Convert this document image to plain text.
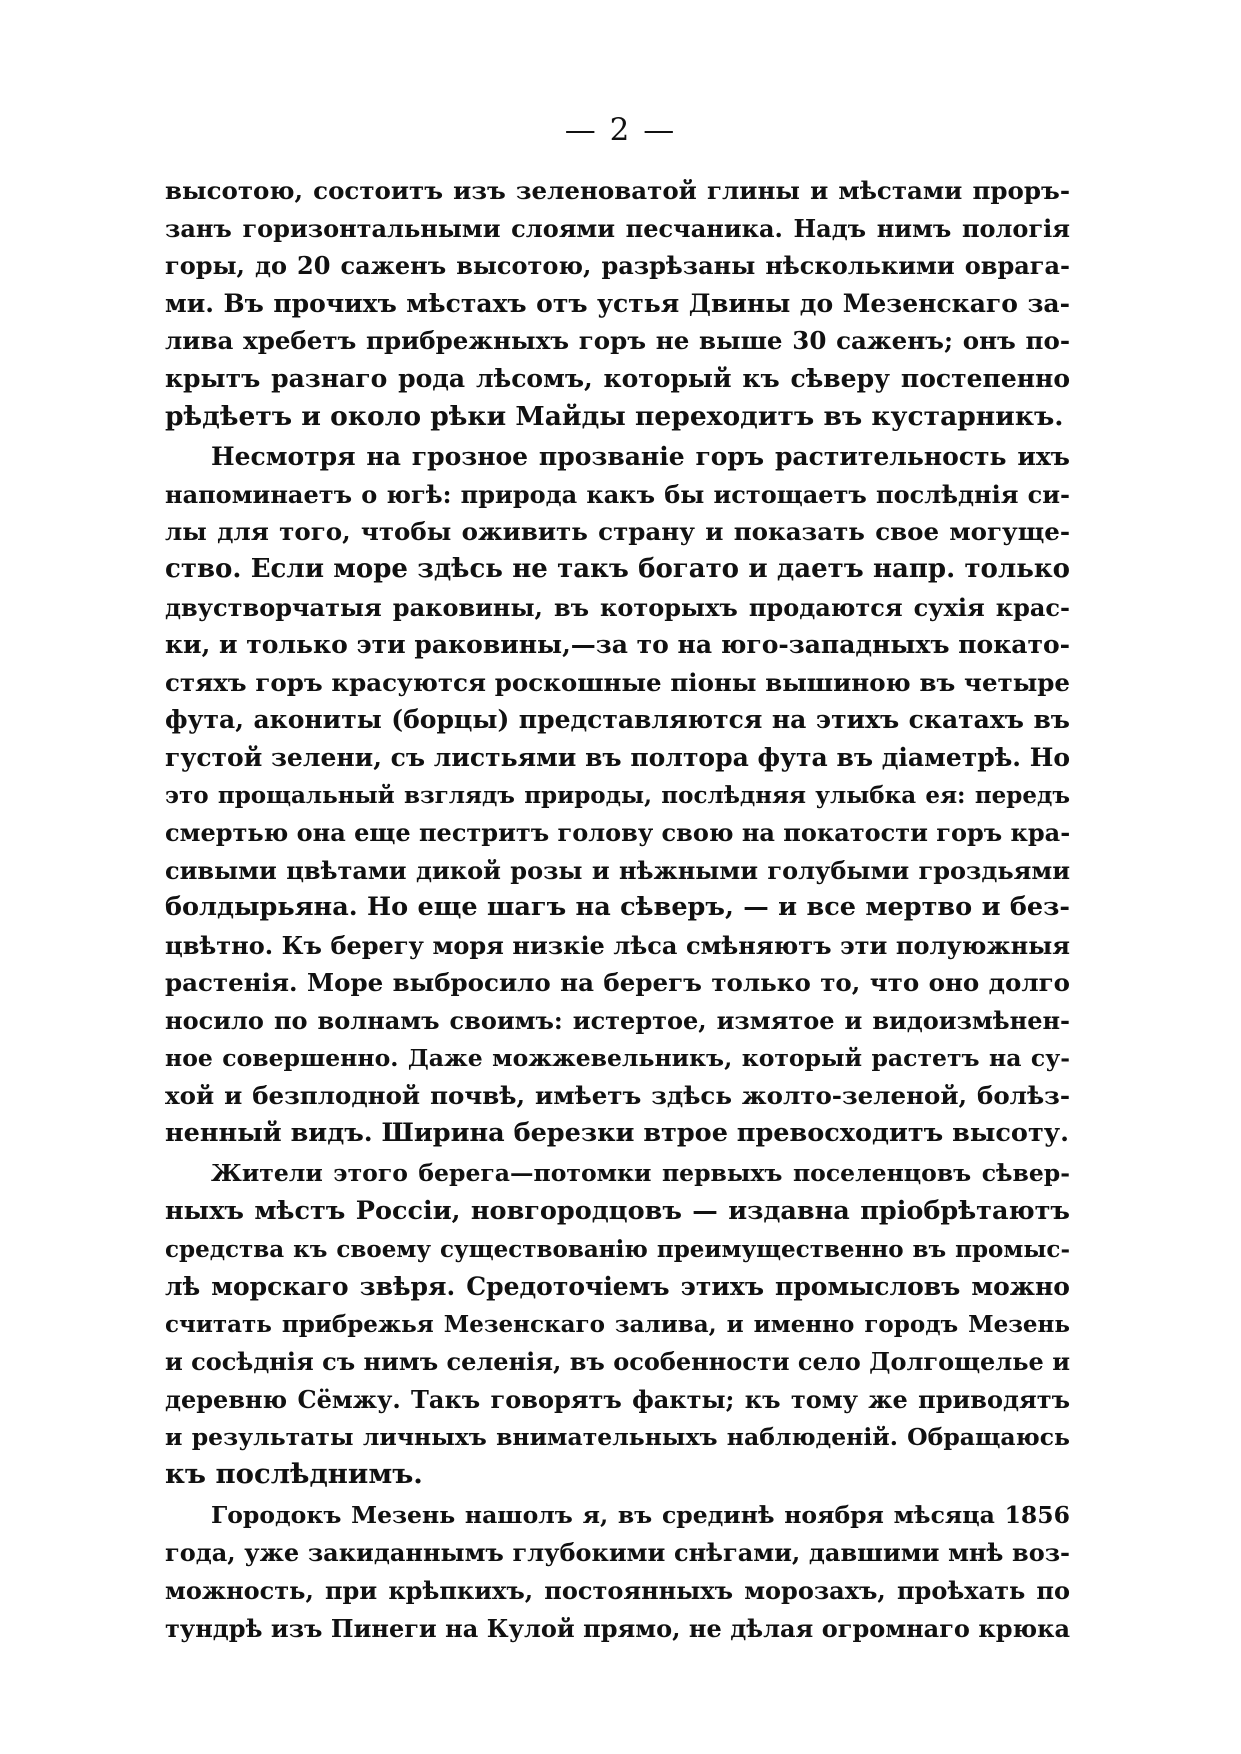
— 2 —
высотою, состоитъ изъ зеленоватой глины и мѣстами проръ-
занъ горизонтальными слоями песчаника. Надъ нимъ пологія
горы, до 20 саженъ высотою, разрѣзаны нѣсколькими оврага-
ми. Въ прочихъ мѣстахъ отъ устья Двины до Мезенскаго за-
лива хребетъ прибрежныхъ горъ не выше 30 саженъ; онъ по-
крытъ разнаго рода лѣсомъ, который къ сѣверу постепенно
рѣдѣетъ и около рѣки Майды переходитъ въ кустарникъ.
Несмотря на грозное прозваніе горъ растительность ихъ
напоминаетъ о югѣ: природа какъ бы истощаетъ послѣднія си-
лы для того, чтобы оживить страну и показать свое могуще-
ство. Если море здѣсь не такъ богато и даетъ напр. только
двустворчатыя раковины, въ которыхъ продаются сухія крас-
ки, и только эти раковины,—за то на юго-западныхъ покато-
стяхъ горъ красуются роскошные піоны вышиною въ четыре
фута, акониты (борцы) представляются на этихъ скатахъ въ
густой зелени, съ листьями въ полтора фута въ діаметрѣ. Но
это прощальный взглядъ природы, послѣдняя улыбка ея: передъ
смертью она еще пестритъ голову свою на покатости горъ кра-
сивыми цвѣтами дикой розы и нѣжными голубыми гроздьями
болдырьяна. Но еще шагъ на сѣверъ, — и все мертво и без-
цвѣтно. Къ берегу моря низкіе лѣса смѣняютъ эти полуюжныя
растенія. Море выбросило на берегъ только то, что оно долго
носило по волнамъ своимъ: истертое, измятое и видоизмѣнен-
ное совершенно. Даже можжевельникъ, который растетъ на су-
хой и безплодной почвѣ, имѣетъ здѣсь жолто-зеленой, болѣз-
ненный видъ. Ширина березки втрое превосходитъ высоту.
Жители этого берега—потомки первыхъ поселенцовъ сѣвер-
ныхъ мѣстъ Россіи, новгородцовъ — издавна пріобрѣтаютъ
средства къ своему существованію преимущественно въ промыс-
лѣ морскаго звѣря. Средоточіемъ этихъ промысловъ можно
считать прибрежья Мезенскаго залива, и именно городъ Мезень
и сосѣднія съ нимъ селенія, въ особенности село Долгощелье и
деревню Сёмжу. Такъ говорятъ факты; къ тому же приводятъ
и результаты личныхъ внимательныхъ наблюденій. Обращаюсь
къ послѣднимъ.
Городокъ Мезень нашолъ я, въ срединѣ ноября мѣсяца 1856
года, уже закиданнымъ глубокими снѣгами, давшими мнѣ воз-
можность, при крѣпкихъ, постоянныхъ морозахъ, проѣхать по
тундрѣ изъ Пинеги на Кулой прямо, не дѣлая огромнаго крюка
